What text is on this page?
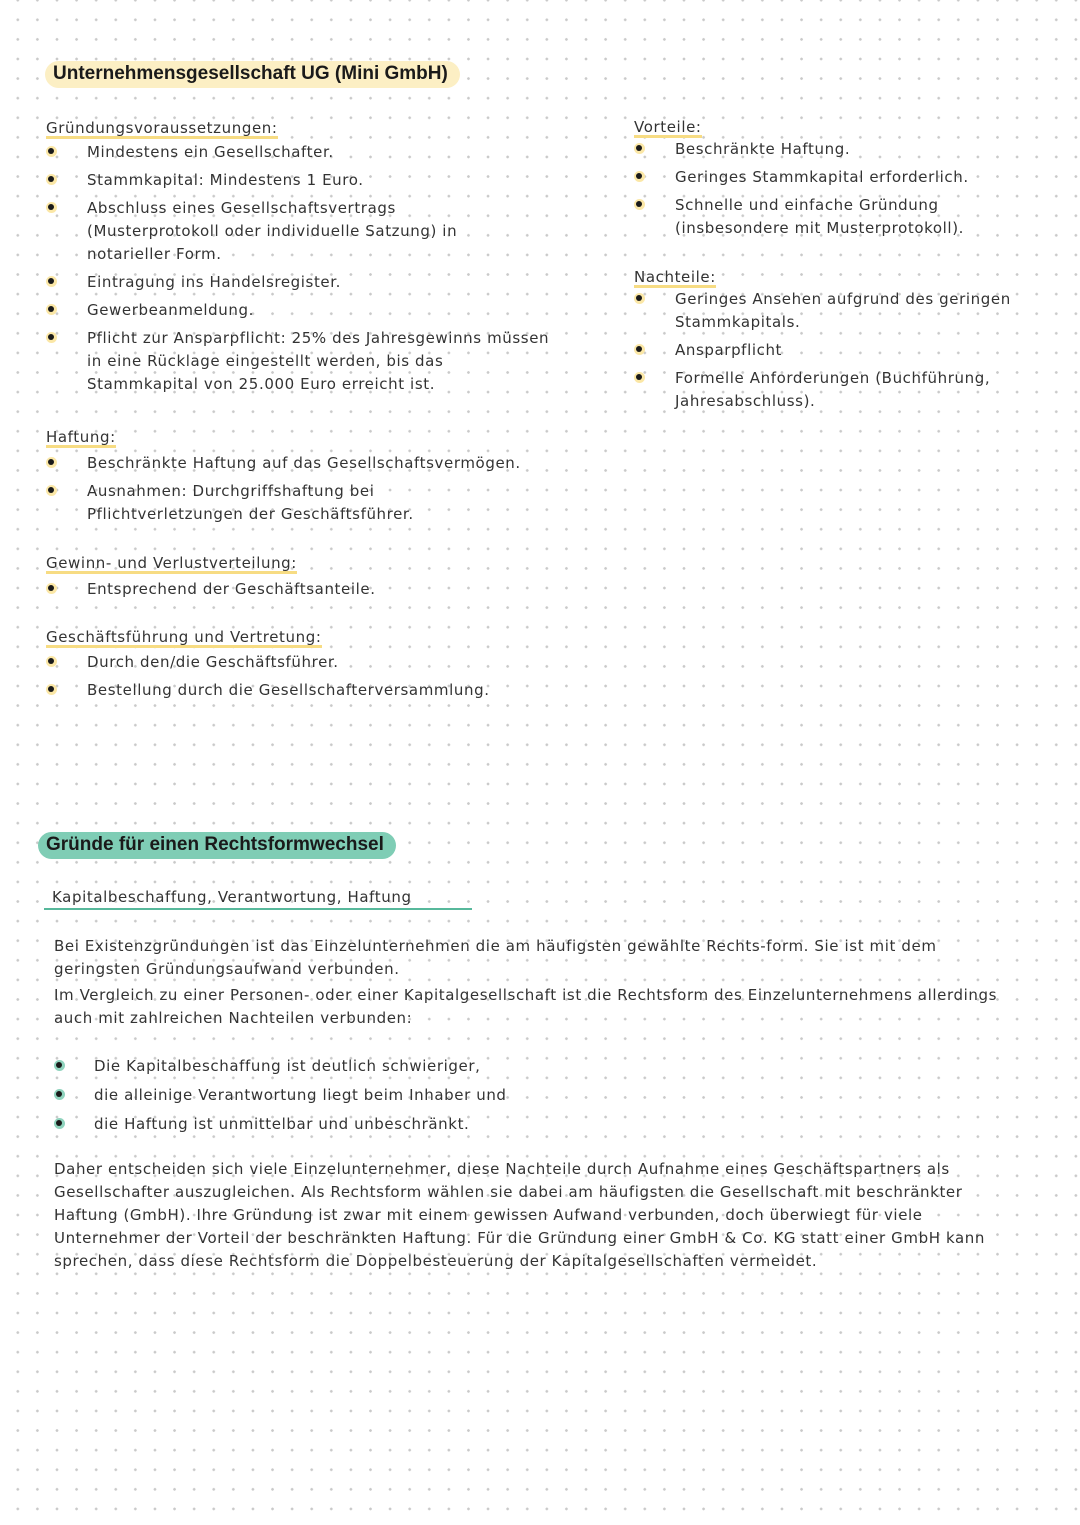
Unternehmensgesellschaft UG (Mini GmbH)
Gründungsvoraussetzungen:
Mindestens ein Gesellschafter.
Stammkapital: Mindestens 1 Euro.
Abschluss eines Gesellschaftsvertrags (Musterprotokoll oder individuelle Satzung) in notarieller Form.
Eintragung ins Handelsregister.
Gewerbeanmeldung.
Pflicht zur Ansparpflicht: 25% des Jahresgewinns müssen in eine Rücklage eingestellt werden, bis das Stammkapital von 25.000 Euro erreicht ist.
Haftung:
Beschränkte Haftung auf das Gesellschaftsvermögen.
Ausnahmen: Durchgriffshaftung bei Pflichtverletzungen der Geschäftsführer.
Gewinn- und Verlustverteilung:
Entsprechend der Geschäftsanteile.
Geschäftsführung und Vertretung:
Durch den/die Geschäftsführer.
Bestellung durch die Gesellschafterversammlung.
Vorteile:
Beschränkte Haftung.
Geringes Stammkapital erforderlich.
Schnelle und einfache Gründung (insbesondere mit Musterprotokoll).
Nachteile:
Geringes Ansehen aufgrund des geringen Stammkapitals.
Ansparpflicht
Formelle Anforderungen (Buchführung, Jahresabschluss).
Gründe für einen Rechtsformwechsel
Kapitalbeschaffung, Verantwortung, Haftung

Bei Existenzgründungen ist das Einzelunternehmen die am häufigsten gewählte Rechts-form. Sie ist mit dem geringsten Gründungsaufwand verbunden.

Im Vergleich zu einer Personen- oder einer Kapitalgesellschaft ist die Rechtsform des Einzelunternehmens allerdings auch mit zahlreichen Nachteilen verbunden:

Die Kapitalbeschaffung ist deutlich schwieriger,
die alleinige Verantwortung liegt beim Inhaber und
die Haftung ist unmittelbar und unbeschränkt.

Daher entscheiden sich viele Einzelunternehmer, diese Nachteile durch Aufnahme eines Geschäftspartners als Gesellschafter auszugleichen. Als Rechtsform wählen sie dabei am häufigsten die Gesellschaft mit beschränkter Haftung (GmbH). Ihre Gründung ist zwar mit einem gewissen Aufwand verbunden, doch überwiegt für viele Unternehmer der Vorteil der beschränkten Haftung. Für die Gründung einer GmbH & Co. KG statt einer GmbH kann sprechen, dass diese Rechtsform die Doppelbesteuerung der Kapitalgesellschaften vermeidet.
